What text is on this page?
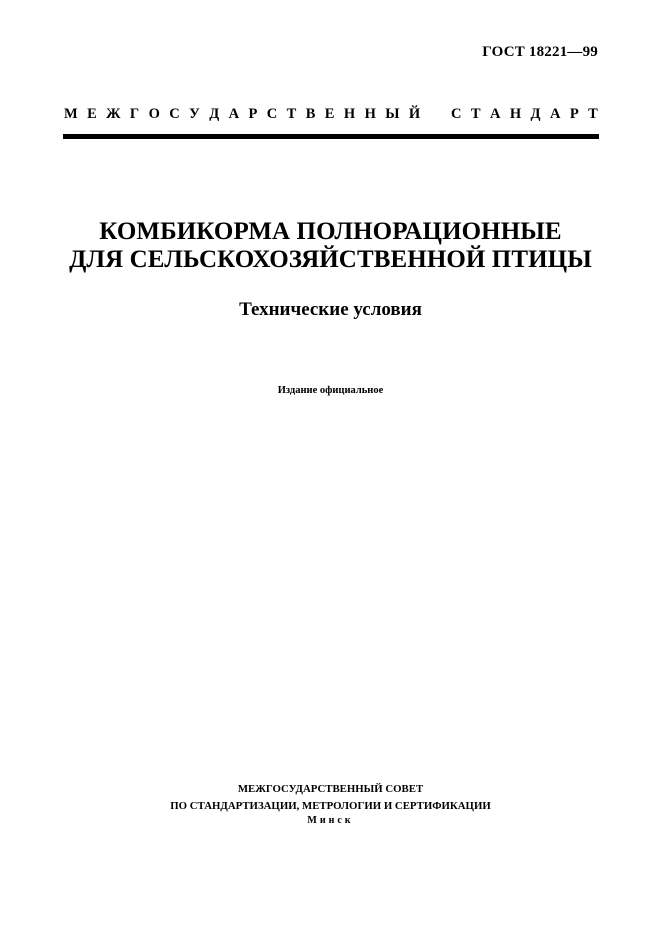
ГОСТ 18221—99
М Е Ж Г О С У Д А Р С Т В Е Н Н Ы Й С Т А Н Д А Р Т
КОМБИКОРМА ПОЛНОРАЦИОННЫЕ
ДЛЯ СЕЛЬСКОХОЗЯЙСТВЕННОЙ ПТИЦЫ
Технические условия
Издание официальное
МЕЖГОСУДАРСТВЕННЫЙ СОВЕТ
ПО СТАНДАРТИЗАЦИИ, МЕТРОЛОГИИ И СЕРТИФИКАЦИИ
Минск
